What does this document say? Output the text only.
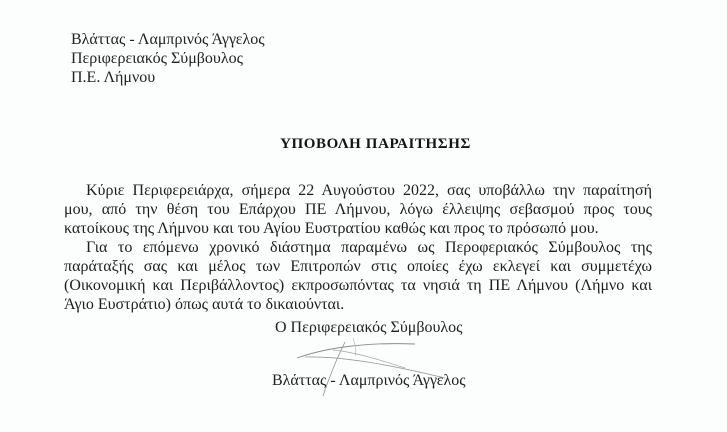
Βλάττας - Λαμπρινός Άγγελος
Περιφερειακός Σύμβουλος
Π.Ε. Λήμνου
ΥΠΟΒΟΛΗ ΠΑΡΑΙΤΗΣΗΣ
Κύριε Περιφερειάρχα, σήμερα 22 Αυγούστου 2022, σας υποβάλλω την παραίτησή
μου, από την θέση του Επάρχου ΠΕ Λήμνου, λόγω έλλειψης σεβασμού προς τους
κατοίκους της Λήμνου και του Αγίου Ευστρατίου καθώς και προς το πρόσωπό μου.
Για το επόμενω χρονικό διάστημα παραμένω ως Περοφεριακός Σύμβουλος της
παράταξής σας και μέλος των Επιτροπών στις οποίες έχω εκλεγεί και συμμετέχω
(Οικονομική και Περιβάλλοντος) εκπροσωπόντας τα νησιά τη ΠΕ Λήμνου (Λήμνο και
Άγιο Ευστράτιο) όπως αυτά το δικαιούνται.
Ο Περιφερειακός Σύμβουλος
Βλάττας - Λαμπρινός Άγγελος
